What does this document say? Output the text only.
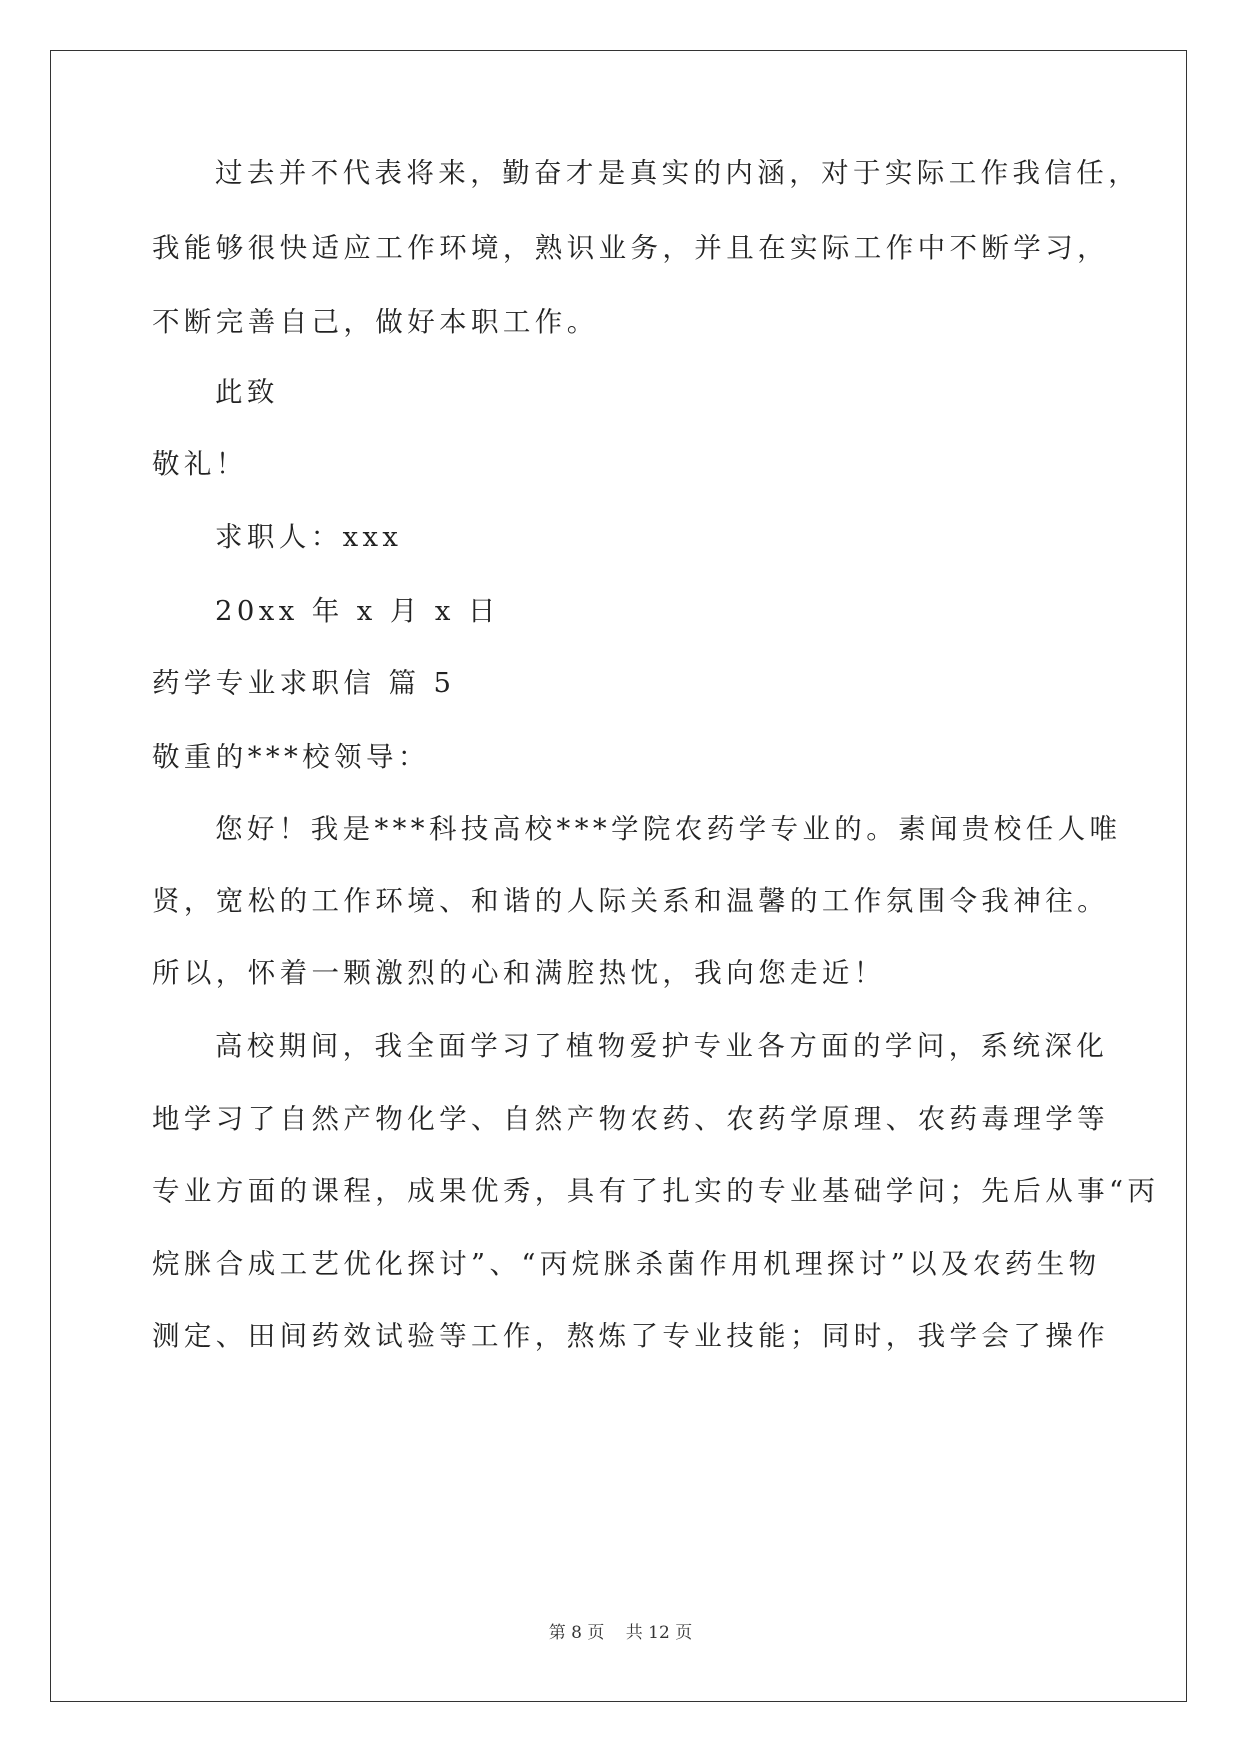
过去并不代表将来，勤奋才是真实的内涵，对于实际工作我信任，

我能够很快适应工作环境，熟识业务，并且在实际工作中不断学习，

不断完善自己，做好本职工作。

此致

敬礼！

求职人：xxx

20xx 年 x 月 x 日

药学专业求职信 篇 5

敬重的***校领导：

您好！我是***科技高校***学院农药学专业的。素闻贵校任人唯

贤，宽松的工作环境、和谐的人际关系和温馨的工作氛围令我神往。

所以，怀着一颗激烈的心和满腔热忱，我向您走近！

高校期间，我全面学习了植物爱护专业各方面的学问，系统深化

地学习了自然产物化学、自然产物农药、农药学原理、农药毒理学等

专业方面的课程，成果优秀，具有了扎实的专业基础学问；先后从事“丙

烷脒合成工艺优化探讨”、“丙烷脒杀菌作用机理探讨”以及农药生物

测定、田间药效试验等工作，熬炼了专业技能；同时，我学会了操作

第 8 页 共 12 页
